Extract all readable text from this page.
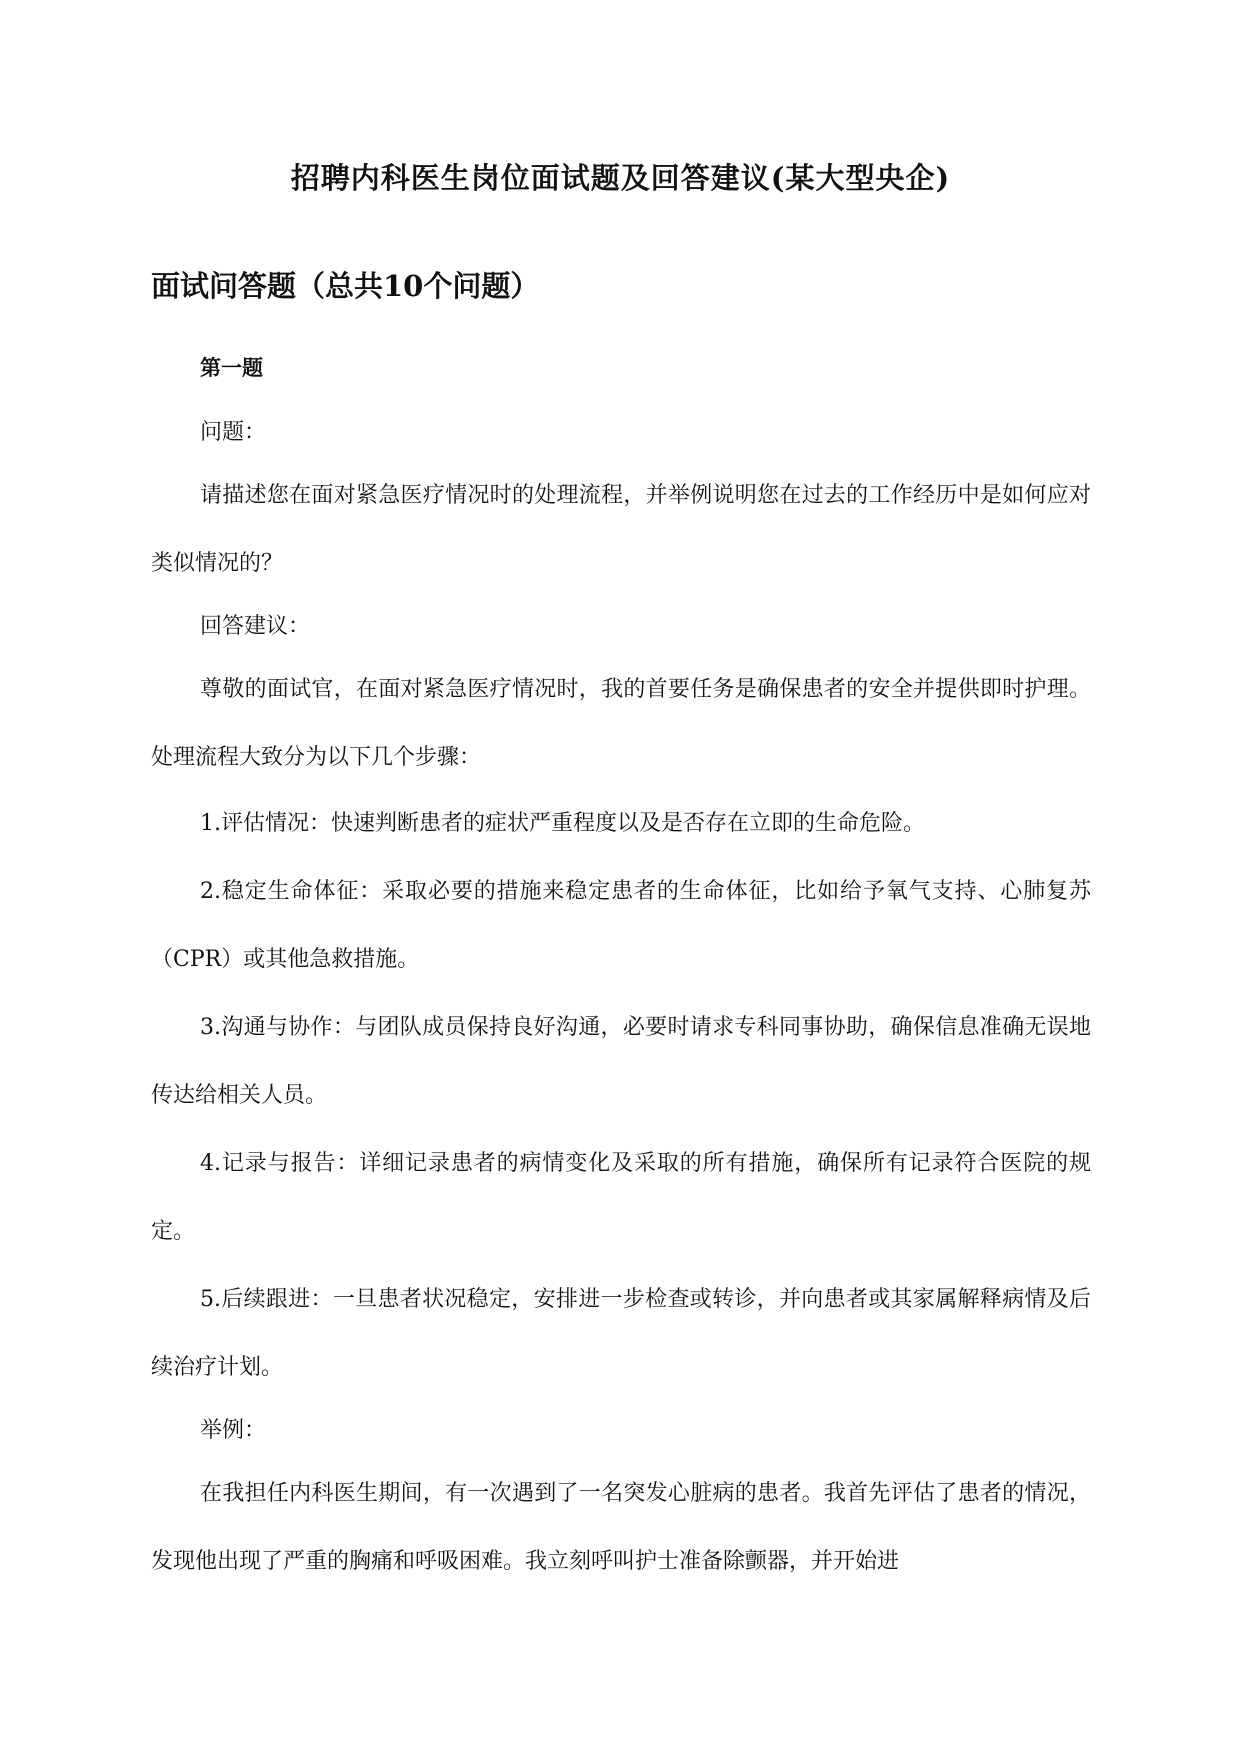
招聘内科医生岗位面试题及回答建议(某大型央企)
面试问答题（总共10个问题）
第一题

问题：

请描述您在面对紧急医疗情况时的处理流程，并举例说明您在过去的工作经历中是如何应对类似情况的？

回答建议：

尊敬的面试官，在面对紧急医疗情况时，我的首要任务是确保患者的安全并提供即时护理。处理流程大致分为以下几个步骤：

1.评估情况：快速判断患者的症状严重程度以及是否存在立即的生命危险。

2.稳定生命体征：采取必要的措施来稳定患者的生命体征，比如给予氧气支持、心肺复苏（CPR）或其他急救措施。

3.沟通与协作：与团队成员保持良好沟通，必要时请求专科同事协助，确保信息准确无误地传达给相关人员。

4.记录与报告：详细记录患者的病情变化及采取的所有措施，确保所有记录符合医院的规定。

5.后续跟进：一旦患者状况稳定，安排进一步检查或转诊，并向患者或其家属解释病情及后续治疗计划。

举例：

在我担任内科医生期间，有一次遇到了一名突发心脏病的患者。我首先评估了患者的情况，发现他出现了严重的胸痛和呼吸困难。我立刻呼叫护士准备除颤器，并开始进
